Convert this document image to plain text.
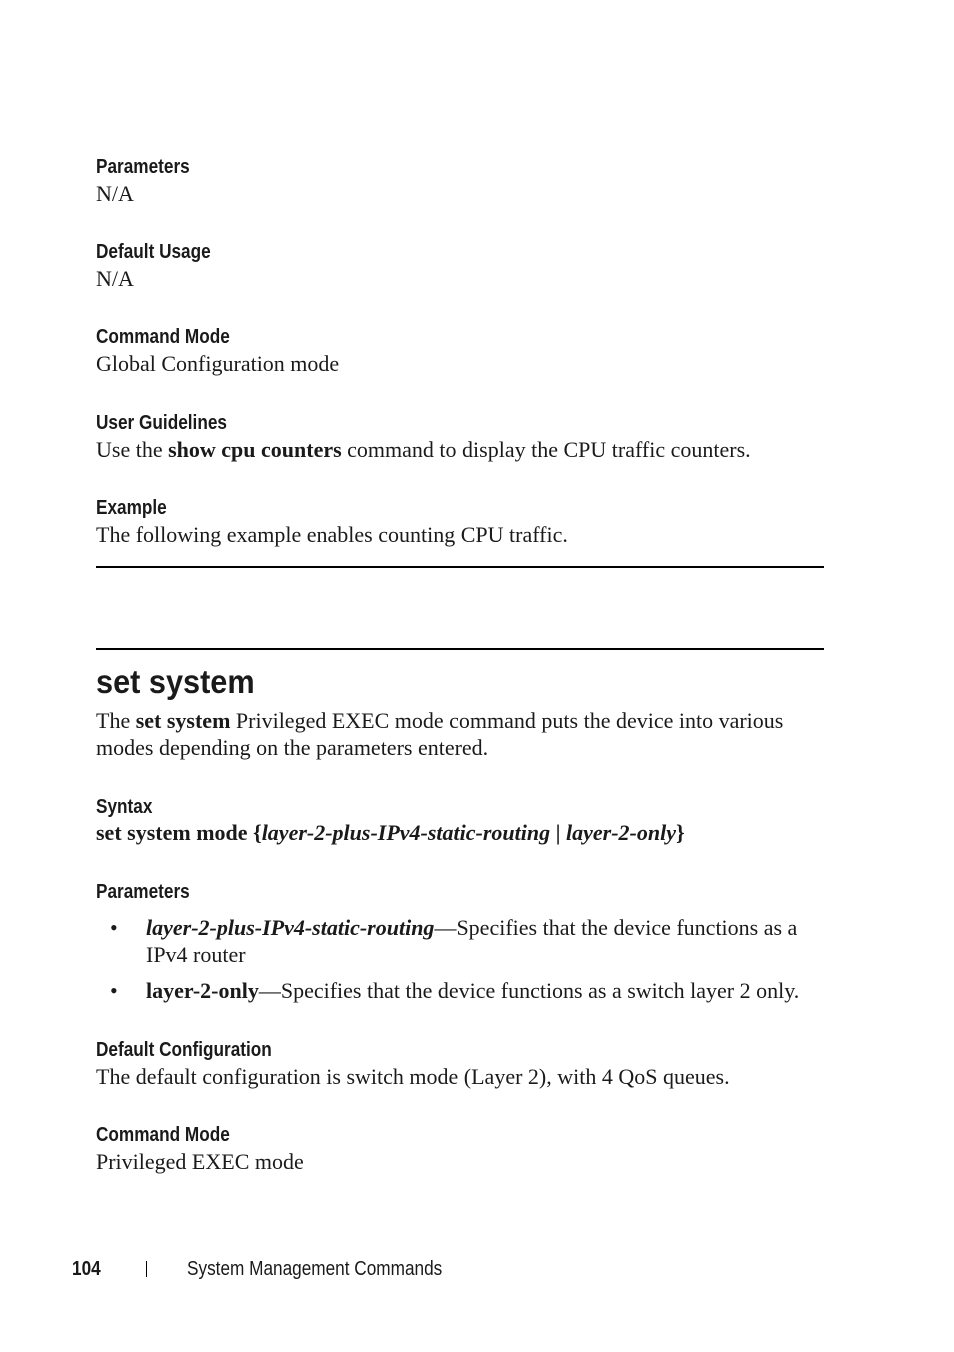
Parameters
N/A
Default Usage
N/A
Command Mode
Global Configuration mode
User Guidelines
Use the show cpu counters command to display the CPU traffic counters.
Example
The following example enables counting CPU traffic.
set system
The set system Privileged EXEC mode command puts the device into various
modes depending on the parameters entered.
Syntax
set system mode {layer-2-plus-IPv4-static-routing | layer-2-only}
Parameters
• layer-2-plus-IPv4-static-routing—Specifies that the device functions as a
IPv4 router
• layer-2-only—Specifies that the device functions as a switch layer 2 only.
Default Configuration
The default configuration is switch mode (Layer 2), with 4 QoS queues.
Command Mode
Privileged EXEC mode
104	System Management Commands
